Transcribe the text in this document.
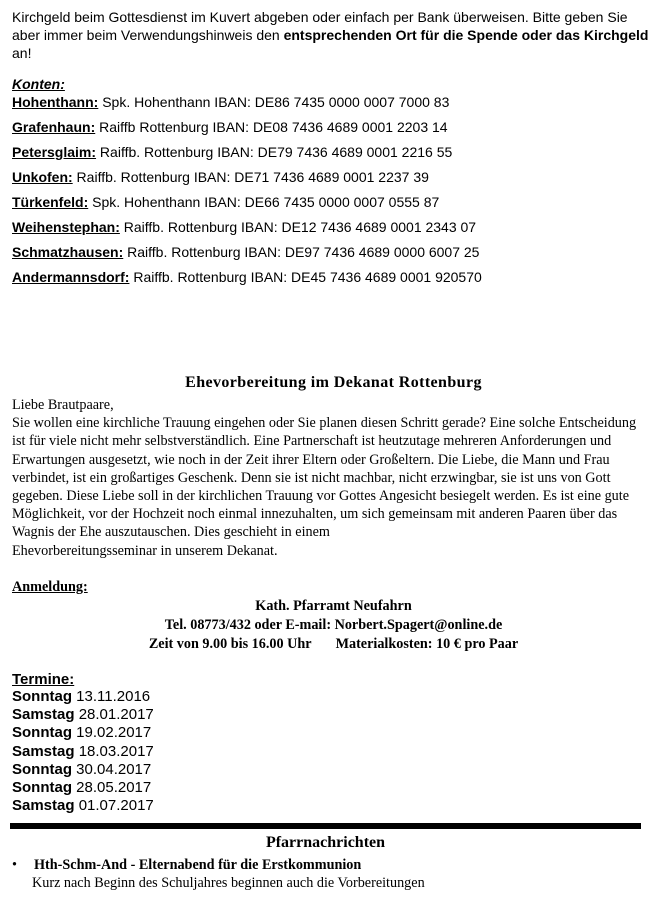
Kirchgeld beim Gottesdienst im Kuvert abgeben oder einfach per Bank überweisen. Bitte geben Sie aber immer beim Verwendungshinweis den entsprechenden Ort für die Spende oder das Kirchgeld an!
Konten:
Hohenthann: Spk. Hohenthann IBAN: DE86 7435 0000 0007 7000 83
Grafenhaun: Raiffb Rottenburg IBAN: DE08 7436 4689 0001 2203 14
Petersglaim: Raiffb. Rottenburg IBAN: DE79 7436 4689 0001 2216 55
Unkofen: Raiffb. Rottenburg IBAN: DE71 7436 4689 0001 2237 39
Türkenfeld: Spk. Hohenthann IBAN: DE66 7435 0000 0007 0555 87
Weihenstephan: Raiffb. Rottenburg IBAN: DE12 7436 4689 0001 2343 07
Schmatzhausen: Raiffb. Rottenburg IBAN: DE97 7436 4689 0000 6007 25
Andermannsdorf: Raiffb. Rottenburg IBAN: DE45 7436 4689 0001 920570
Ehevorbereitung im Dekanat Rottenburg

Liebe Brautpaare,

Sie wollen eine kirchliche Trauung eingehen oder Sie planen diesen Schritt gerade? Eine solche Entscheidung ist für viele nicht mehr selbstverständlich. Eine Partnerschaft ist heutzutage mehreren Anforderungen und Erwartungen ausgesetzt, wie noch in der Zeit ihrer Eltern oder Großeltern. Die Liebe, die Mann und Frau verbindet, ist ein großartiges Geschenk. Denn sie ist nicht machbar, nicht erzwingbar, sie ist uns von Gott gegeben. Diese Liebe soll in der kirchlichen Trauung vor Gottes Angesicht besiegelt werden. Es ist eine gute Möglichkeit, vor der Hochzeit noch einmal innezuhalten, um sich gemeinsam mit anderen Paaren über das Wagnis der Ehe auszutauschen. Dies geschieht in einem

Ehevorbereitungsseminar in unserem Dekanat.

Anmeldung:
Kath. Pfarramt Neufahrn
Tel. 08773/432 oder E-mail: Norbert.Spagert@online.de
Zeit von 9.00 bis 16.00 Uhr Materialkosten: 10 € pro Paar
Termine:
Sonntag 13.11.2016
Samstag 28.01.2017
Sonntag 19.02.2017
Samstag 18.03.2017
Sonntag 30.04.2017
Sonntag 28.05.2017
Samstag 01.07.2017
Pfarrnachrichten
• Hth-Schm-And - Elternabend für die Erstkommunion
Kurz nach Beginn des Schuljahres beginnen auch die Vorbereitungen
